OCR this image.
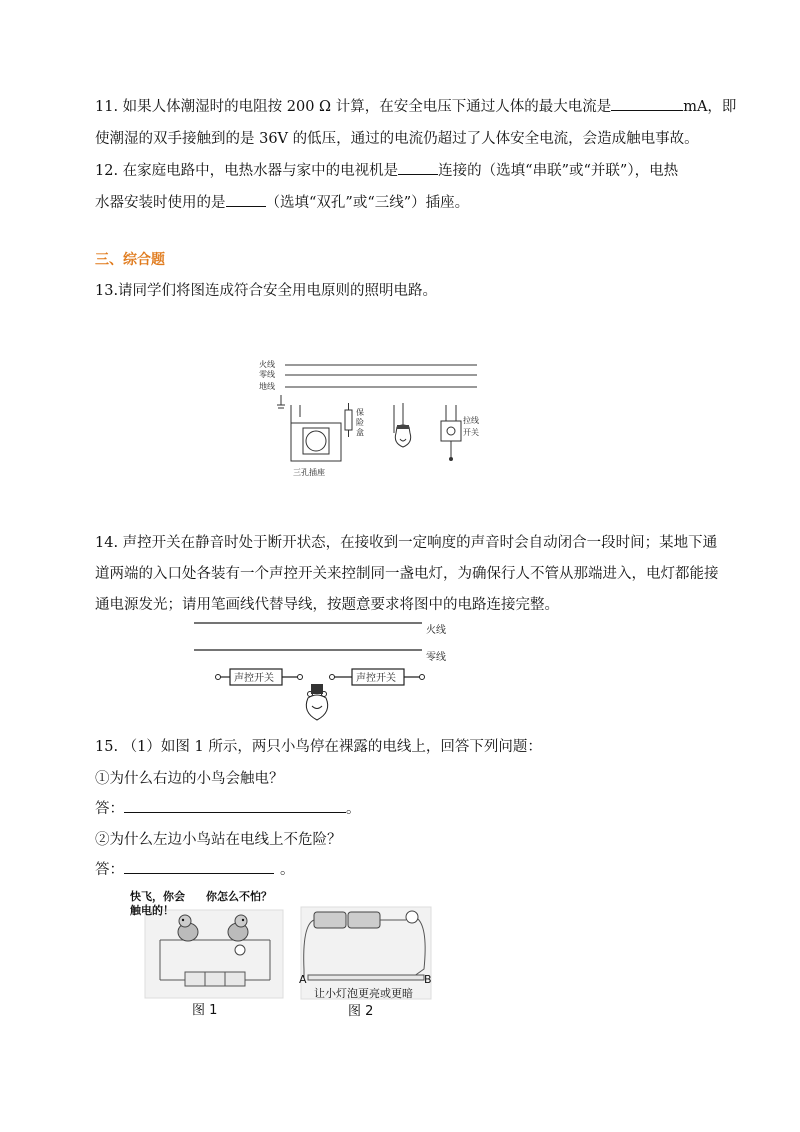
11. 如果人体潮湿时的电阻按 200 Ω 计算，在安全电压下通过人体的最大电流是	mA，即
使潮湿的双手接触到的是 36V 的低压，通过的电流仍超过了人体安全电流，会造成触电事故。
12. 在家庭电路中，电热水器与家中的电视机是	连接的（选填“串联”或“并联”），电热
水器安装时使用的是	（选填“双孔”或“三线”）插座。
三、综合题
13.请同学们将图连成符合安全用电原则的照明电路。
火线
零线
地线
保
险
盒
拉线
开关
三孔插座
14. 声控开关在静音时处于断开状态，在接收到一定响度的声音时会自动闭合一段时间；某地下通
道两端的入口处各装有一个声控开关来控制同一盏电灯，为确保行人不管从那端进入，电灯都能接
通电源发光；请用笔画线代替导线，按题意要求将图中的电路连接完整。
火线
零线
声控开关	声控开关
15. （1）如图 1 所示，两只小鸟停在裸露的电线上，回答下列问题：
①为什么右边的小鸟会触电？
答：	。
②为什么左边小鸟站在电线上不危险？
答：	。
快飞，你会
触电的！
你怎么不怕？
图 1
A	B
让小灯泡更亮或更暗
图 2
